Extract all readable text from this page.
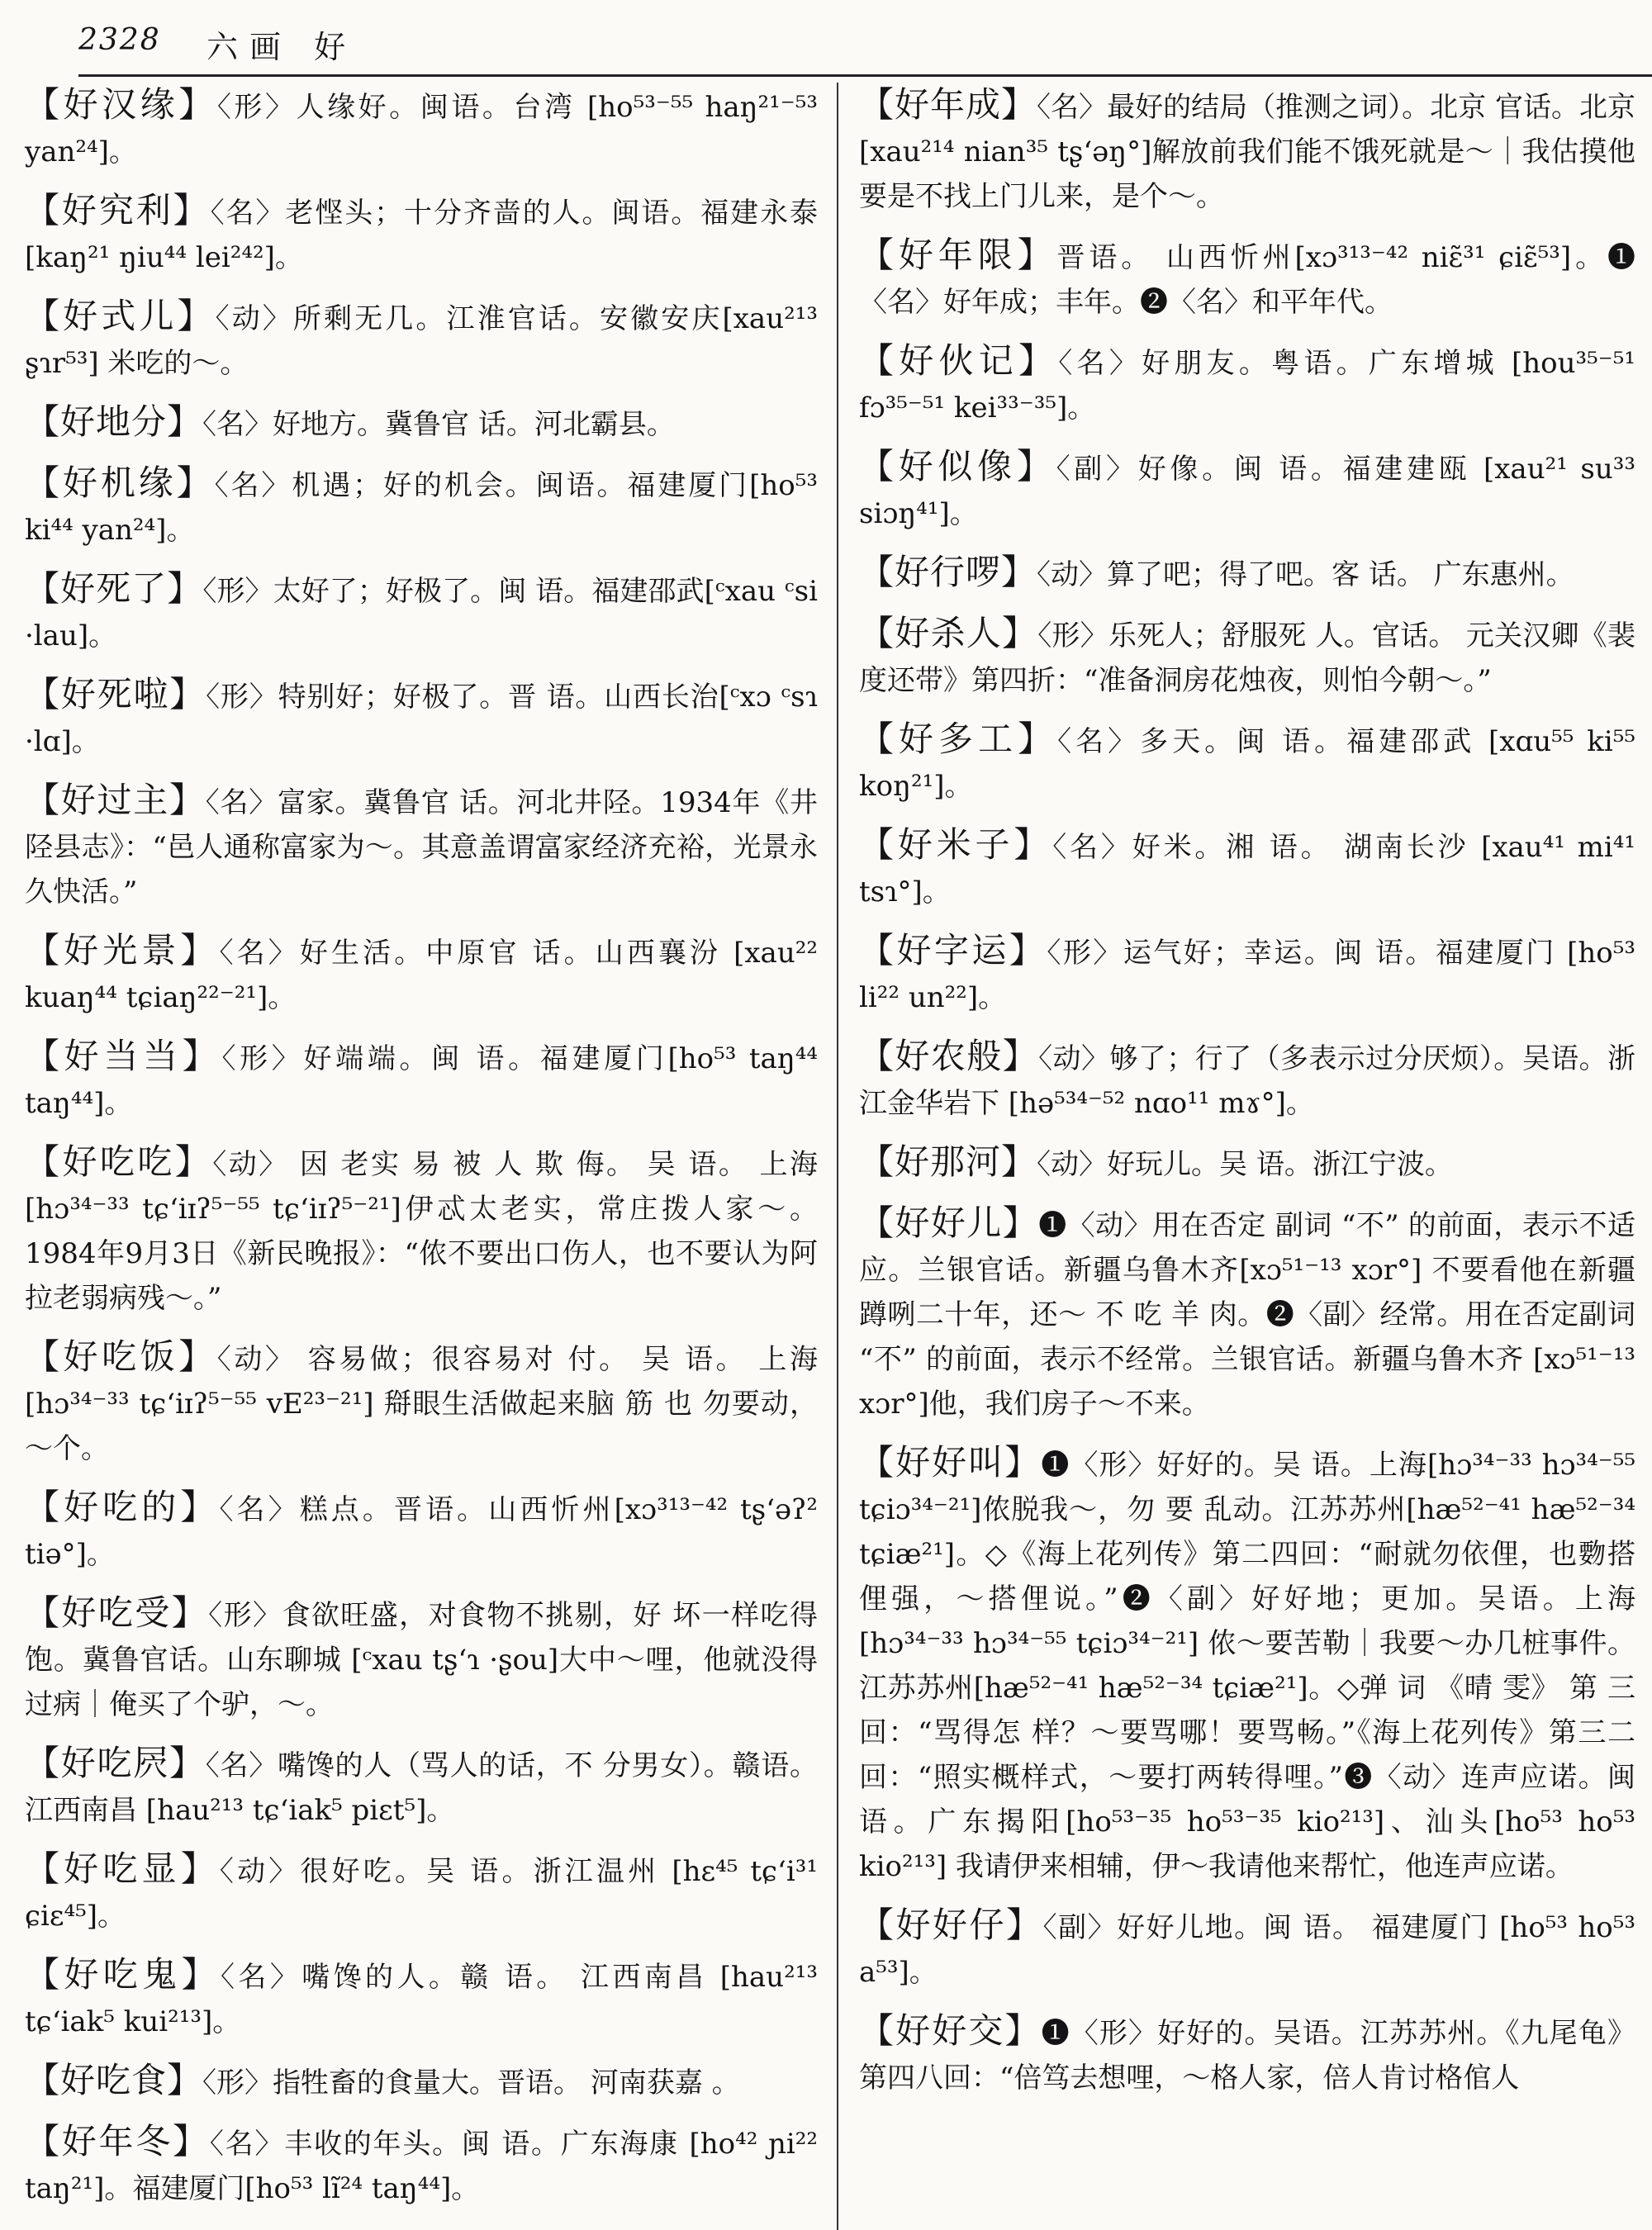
2328 六画 好
【好汉缘】〈形〉人缘好。闽语。台湾 [ho⁵³⁻⁵⁵ haŋ²¹⁻⁵³ yan²⁴]。
【好究利】〈名〉老悭头；十分齐啬的人。闽语。福建永泰 [kaŋ²¹ ŋiu⁴⁴ lei²⁴²]。
【好式儿】〈动〉所剩无几。江淮官话。安徽安庆[xau²¹³ ʂɿr⁵³] 米吃的～。
【好地分】〈名〉好地方。冀鲁官 话。河北霸县。
【好机缘】〈名〉机遇；好的机会。闽语。福建厦门[ho⁵³ ki⁴⁴ yan²⁴]。
【好死了】〈形〉太好了；好极了。闽 语。福建邵武[ᶜxau ᶜsi ·lau]。
【好死啦】〈形〉特别好；好极了。晋 语。山西长治[ᶜxɔ ᶜsɿ ·lɑ]。
【好过主】〈名〉富家。冀鲁官 话。河北井陉。1934年《井陉县志》：“邑人通称富家为～。其意盖谓富家经济充裕，光景永久快活。”
【好光景】〈名〉好生活。中原官 话。山西襄汾 [xau²² kuaŋ⁴⁴ tɕiaŋ²²⁻²¹]。
【好当当】〈形〉好端端。闽 语。福建厦门[ho⁵³ taŋ⁴⁴ taŋ⁴⁴]。
【好吃吃】〈动〉 因 老实 易 被 人 欺 侮。 吴 语。 上海 [hɔ³⁴⁻³³ tɕʻiɪʔ⁵⁻⁵⁵ tɕʻiɪʔ⁵⁻²¹]伊忒太老实，常庄拨人家～。1984年9月3日《新民晚报》：“侬不要出口伤人，也不要认为阿拉老弱病残～。”
【好吃饭】〈动〉 容易做；很容易对 付。 吴 语。 上海 [hɔ³⁴⁻³³ tɕʻiɪʔ⁵⁻⁵⁵ vE²³⁻²¹] 搿眼生活做起来脑 筋 也 勿要动，～个。
【好吃的】〈名〉糕点。晋语。山西忻州[xɔ³¹³⁻⁴² tʂʻəʔ² tiə°]。
【好吃受】〈形〉食欲旺盛，对食物不挑剔，好 坏一样吃得饱。冀鲁官话。山东聊城 [ᶜxau tʂʻɿ ·ʂou]大中～哩，他就没得过病｜俺买了个驴，～。
【好吃屄】〈名〉嘴馋的人（骂人的话，不 分男女）。赣语。江西南昌 [hau²¹³ tɕʻiak⁵ piɛt⁵]。
【好吃显】〈动〉很好吃。吴 语。浙江温州 [hɛ⁴⁵ tɕʻi³¹ ɕiɛ⁴⁵]。
【好吃鬼】〈名〉嘴馋的人。赣 语。 江西南昌 [hau²¹³ tɕʻiak⁵ kui²¹³]。
【好吃食】〈形〉指牲畜的食量大。晋语。 河南获嘉 。
【好年冬】〈名〉丰收的年头。闽 语。广东海康 [ho⁴² ɲi²² taŋ²¹]。福建厦门[ho⁵³ lĩ²⁴ taŋ⁴⁴]。
【好年成】〈名〉最好的结局（推测之词）。北京 官话。北京 [xau²¹⁴ nian³⁵ tʂʻəŋ°]解放前我们能不饿死就是～｜我估摸他要是不找上门儿来，是个～。
【好年限】晋语。 山西忻州[xɔ³¹³⁻⁴² niɛ̃³¹ ɕiɛ̃⁵³]。❶〈名〉好年成；丰年。❷〈名〉和平年代。
【好伙记】〈名〉好朋友。粤语。广东增城 [hou³⁵⁻⁵¹ fɔ³⁵⁻⁵¹ kei³³⁻³⁵]。
【好似像】〈副〉好像。闽 语。福建建瓯 [xau²¹ su³³ siɔŋ⁴¹]。
【好行啰】〈动〉算了吧；得了吧。客 话。 广东惠州。
【好杀人】〈形〉乐死人；舒服死 人。官话。 元关汉卿《裴度还带》第四折：“准备洞房花烛夜，则怕今朝～。”
【好多工】〈名〉多天。闽 语。福建邵武 [xɑu⁵⁵ ki⁵⁵ koŋ²¹]。
【好米子】〈名〉好米。湘 语。 湖南长沙 [xau⁴¹ mi⁴¹ tsɿ°]。
【好字运】〈形〉运气好；幸运。闽 语。福建厦门 [ho⁵³ li²² un²²]。
【好农般】〈动〉够了；行了（多表示过分厌烦）。吴语。浙江金华岩下 [hə⁵³⁴⁻⁵² nɑo¹¹ mɤ°]。
【好那河】〈动〉好玩儿。吴 语。浙江宁波。
【好好儿】❶〈动〉用在否定 副词 “不” 的前面，表示不适应。兰银官话。新疆乌鲁木齐[xɔ⁵¹⁻¹³ xɔr°] 不要看他在新疆蹲咧二十年，还～ 不 吃 羊 肉。❷〈副〉经常。用在否定副词 “不” 的前面，表示不经常。兰银官话。新疆乌鲁木齐 [xɔ⁵¹⁻¹³ xɔr°]他，我们房子～不来。
【好好叫】❶〈形〉好好的。吴 语。上海[hɔ³⁴⁻³³ hɔ³⁴⁻⁵⁵ tɕiɔ³⁴⁻²¹]侬脱我～，勿 要 乱动。江苏苏州[hæ⁵²⁻⁴¹ hæ⁵²⁻³⁴ tɕiæ²¹]。◇《海上花列传》第二四回：“耐就勿依俚，也覅搭俚强，～搭俚说。”❷〈副〉好好地；更加。吴语。上海 [hɔ³⁴⁻³³ hɔ³⁴⁻⁵⁵ tɕiɔ³⁴⁻²¹] 侬～要苦勒｜我要～办几桩事件。江苏苏州[hæ⁵²⁻⁴¹ hæ⁵²⁻³⁴ tɕiæ²¹]。◇弹 词 《晴 雯》 第 三 回：“骂得怎 样？～要骂哪！要骂畅。”《海上花列传》第三二回：“照实概样式，～要打两转得哩。”❸〈动〉连声应诺。闽语。广东揭阳[ho⁵³⁻³⁵ ho⁵³⁻³⁵ kio²¹³]、汕头[ho⁵³ ho⁵³ kio²¹³] 我请伊来相辅，伊～我请他来帮忙，他连声应诺。
【好好仔】〈副〉好好儿地。闽 语。 福建厦门 [ho⁵³ ho⁵³ a⁵³]。
【好好交】❶〈形〉好好的。吴语。江苏苏州。《九尾龟》第四八回：“倍笃去想哩，～格人家，倍人肯讨格倌人
